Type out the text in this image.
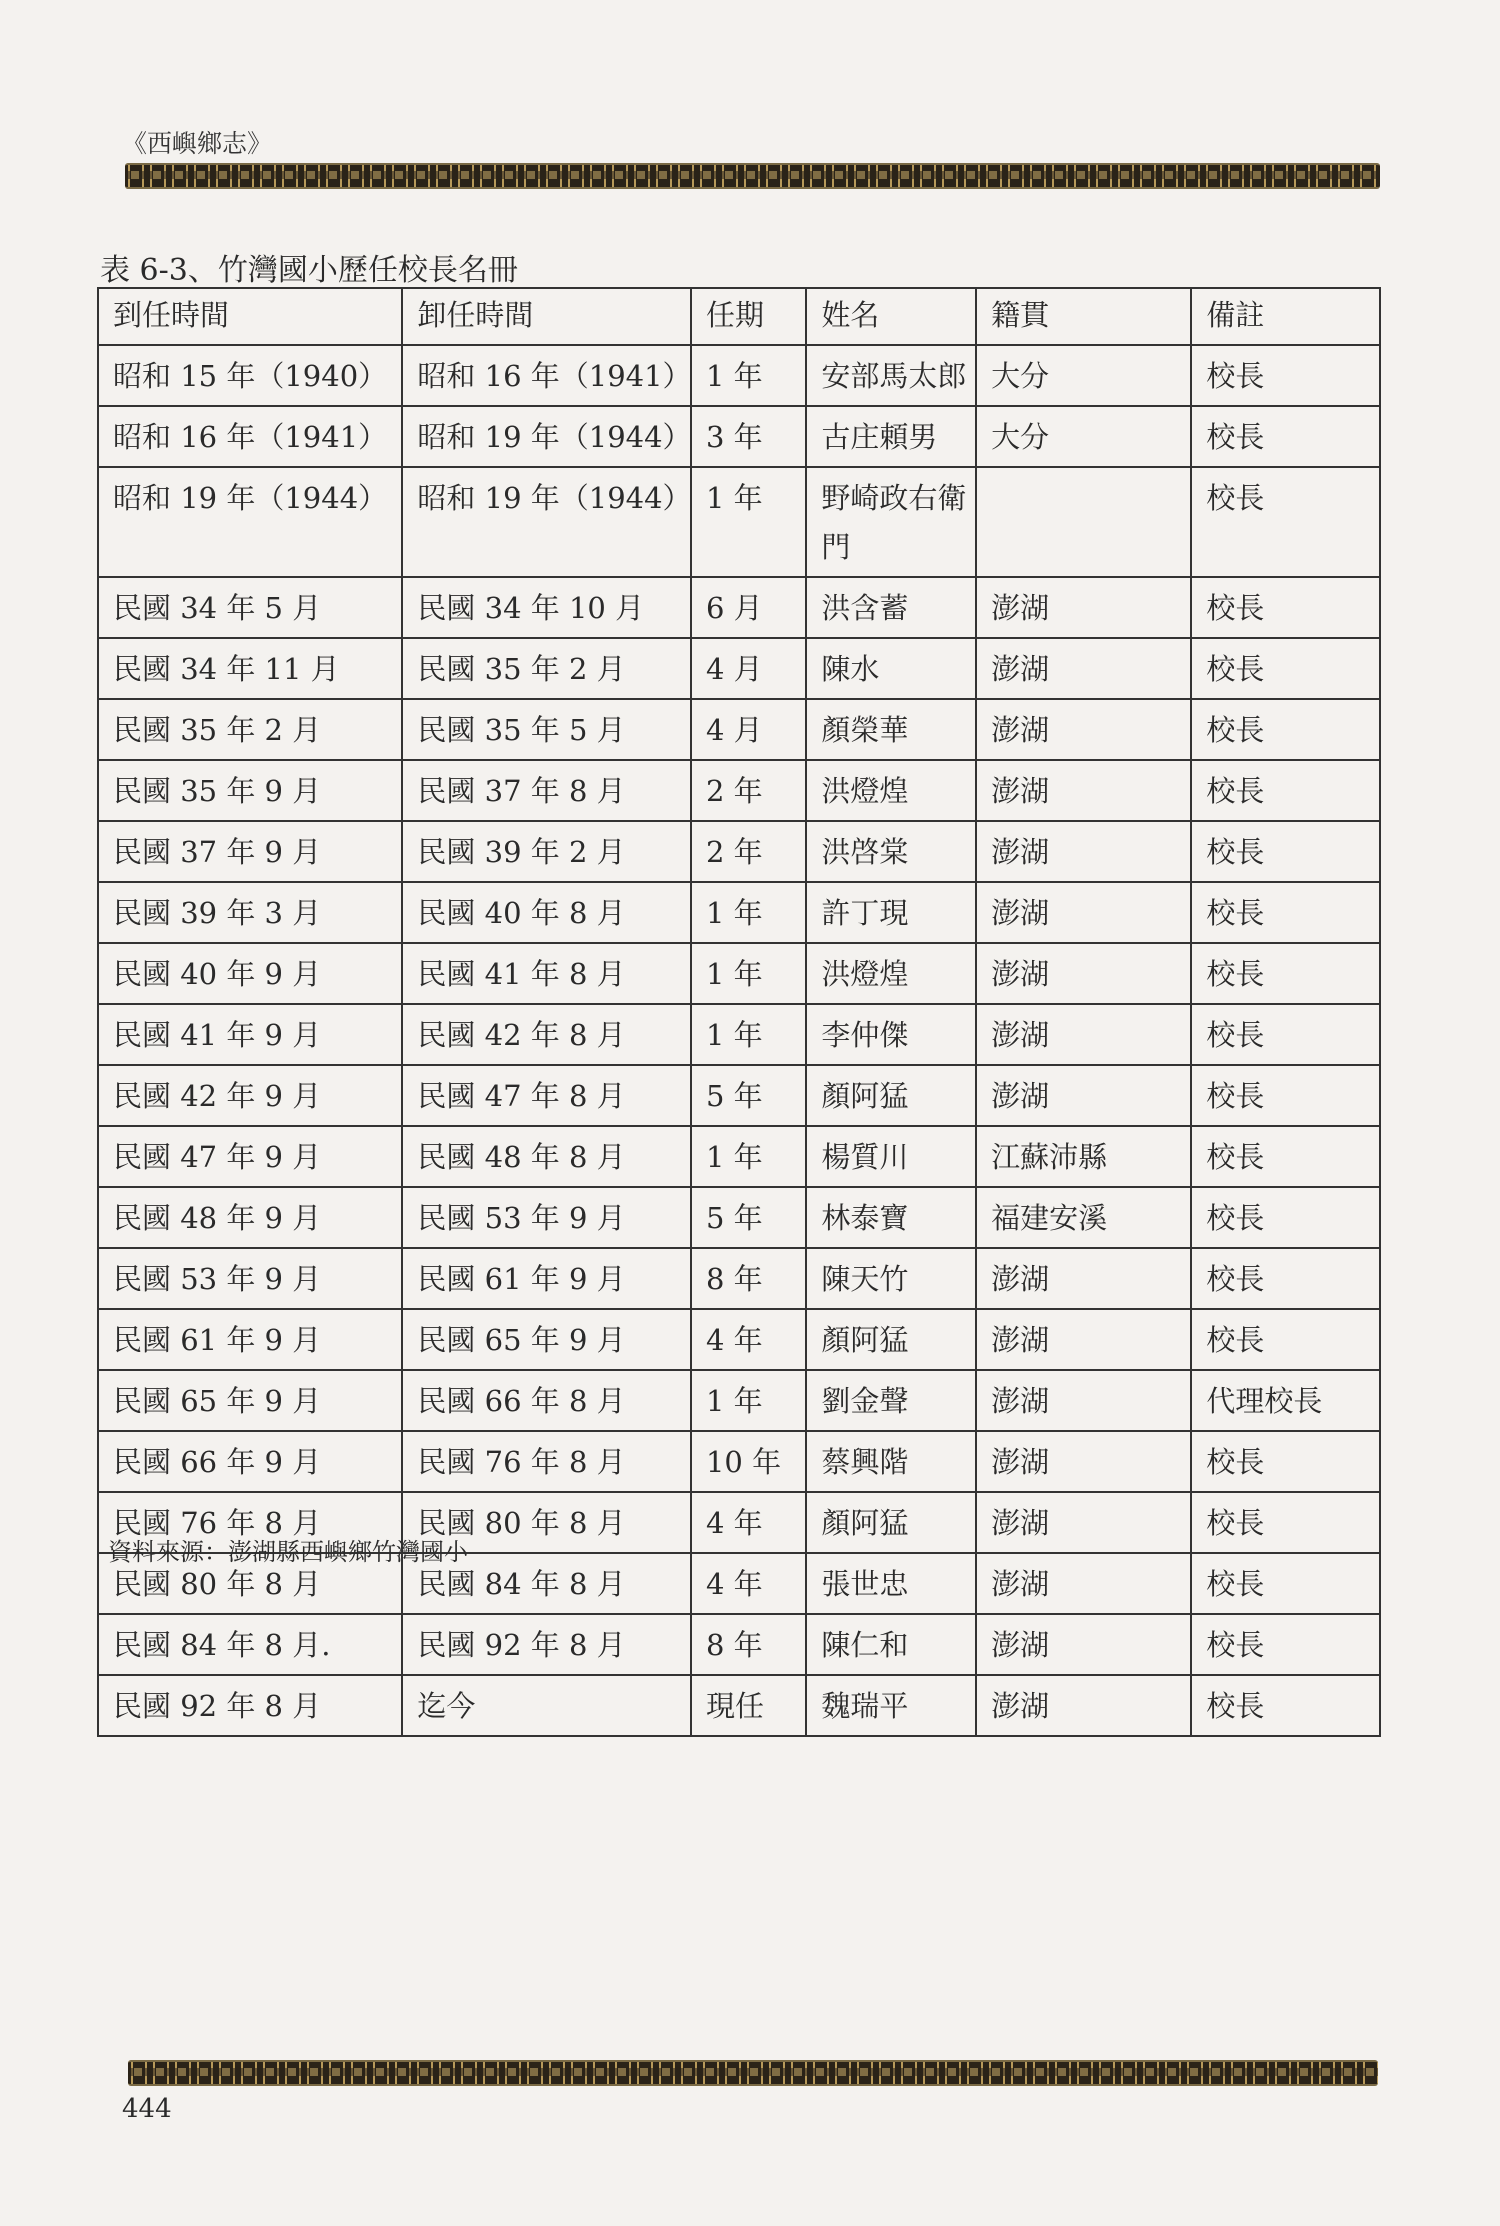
《西嶼鄉志》
表 6-3、竹灣國小歷任校長名冊
到任時間	卸任時間	任期	姓名	籍貫	備註
昭和 15 年（1940）	昭和 16 年（1941）	1 年	安部馬太郎	大分	校長
昭和 16 年（1941）	昭和 19 年（1944）	3 年	古庄頼男	大分	校長
昭和 19 年（1944）	昭和 19 年（1944）	1 年	野崎政右衛門		校長
民國 34 年 5 月	民國 34 年 10 月	6 月	洪含蓄	澎湖	校長
民國 34 年 11 月	民國 35 年 2 月	4 月	陳水	澎湖	校長
民國 35 年 2 月	民國 35 年 5 月	4 月	顏榮華	澎湖	校長
民國 35 年 9 月	民國 37 年 8 月	2 年	洪燈煌	澎湖	校長
民國 37 年 9 月	民國 39 年 2 月	2 年	洪啓棠	澎湖	校長
民國 39 年 3 月	民國 40 年 8 月	1 年	許丁現	澎湖	校長
民國 40 年 9 月	民國 41 年 8 月	1 年	洪燈煌	澎湖	校長
民國 41 年 9 月	民國 42 年 8 月	1 年	李仲傑	澎湖	校長
民國 42 年 9 月	民國 47 年 8 月	5 年	顏阿猛	澎湖	校長
民國 47 年 9 月	民國 48 年 8 月	1 年	楊質川	江蘇沛縣	校長
民國 48 年 9 月	民國 53 年 9 月	5 年	林泰寶	福建安溪	校長
民國 53 年 9 月	民國 61 年 9 月	8 年	陳天竹	澎湖	校長
民國 61 年 9 月	民國 65 年 9 月	4 年	顏阿猛	澎湖	校長
民國 65 年 9 月	民國 66 年 8 月	1 年	劉金聲	澎湖	代理校長
民國 66 年 9 月	民國 76 年 8 月	10 年	蔡興階	澎湖	校長
民國 76 年 8 月	民國 80 年 8 月	4 年	顏阿猛	澎湖	校長
民國 80 年 8 月	民國 84 年 8 月	4 年	張世忠	澎湖	校長
民國 84 年 8 月.	民國 92 年 8 月	8 年	陳仁和	澎湖	校長
民國 92 年 8 月	迄今	現任	魏瑞平	澎湖	校長
資料來源：澎湖縣西嶼鄉竹灣國小
444
